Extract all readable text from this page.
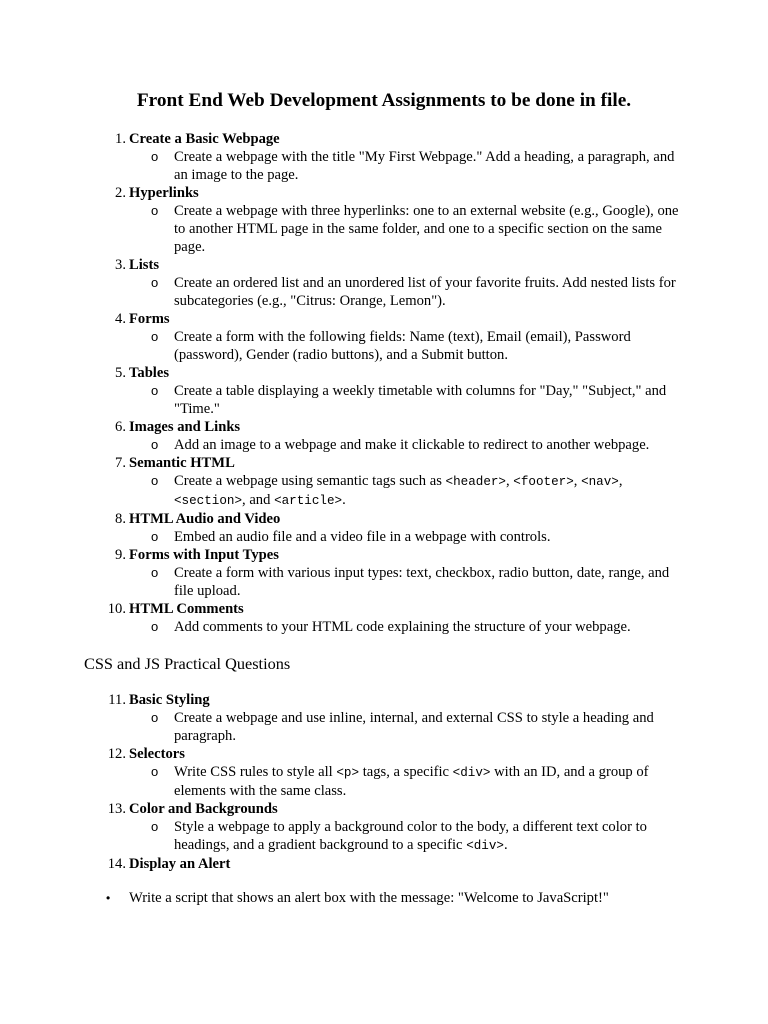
Front End Web Development Assignments to be done in file.
1. Create a Basic Webpage
o Create a webpage with the title "My First Webpage." Add a heading, a paragraph, and an image to the page.
2. Hyperlinks
o Create a webpage with three hyperlinks: one to an external website (e.g., Google), one to another HTML page in the same folder, and one to a specific section on the same page.
3. Lists
o Create an ordered list and an unordered list of your favorite fruits. Add nested lists for subcategories (e.g., "Citrus: Orange, Lemon").
4. Forms
o Create a form with the following fields: Name (text), Email (email), Password (password), Gender (radio buttons), and a Submit button.
5. Tables
o Create a table displaying a weekly timetable with columns for "Day," "Subject," and "Time."
6. Images and Links
o Add an image to a webpage and make it clickable to redirect to another webpage.
7. Semantic HTML
o Create a webpage using semantic tags such as <header>, <footer>, <nav>, <section>, and <article>.
8. HTML Audio and Video
o Embed an audio file and a video file in a webpage with controls.
9. Forms with Input Types
o Create a form with various input types: text, checkbox, radio button, date, range, and file upload.
10. HTML Comments
o Add comments to your HTML code explaining the structure of your webpage.
CSS and JS Practical Questions
11. Basic Styling
o Create a webpage and use inline, internal, and external CSS to style a heading and paragraph.
12. Selectors
o Write CSS rules to style all <p> tags, a specific <div> with an ID, and a group of elements with the same class.
13. Color and Backgrounds
o Style a webpage to apply a background color to the body, a different text color to headings, and a gradient background to a specific <div>.
14. Display an Alert
•	Write a script that shows an alert box with the message: "Welcome to JavaScript!"
